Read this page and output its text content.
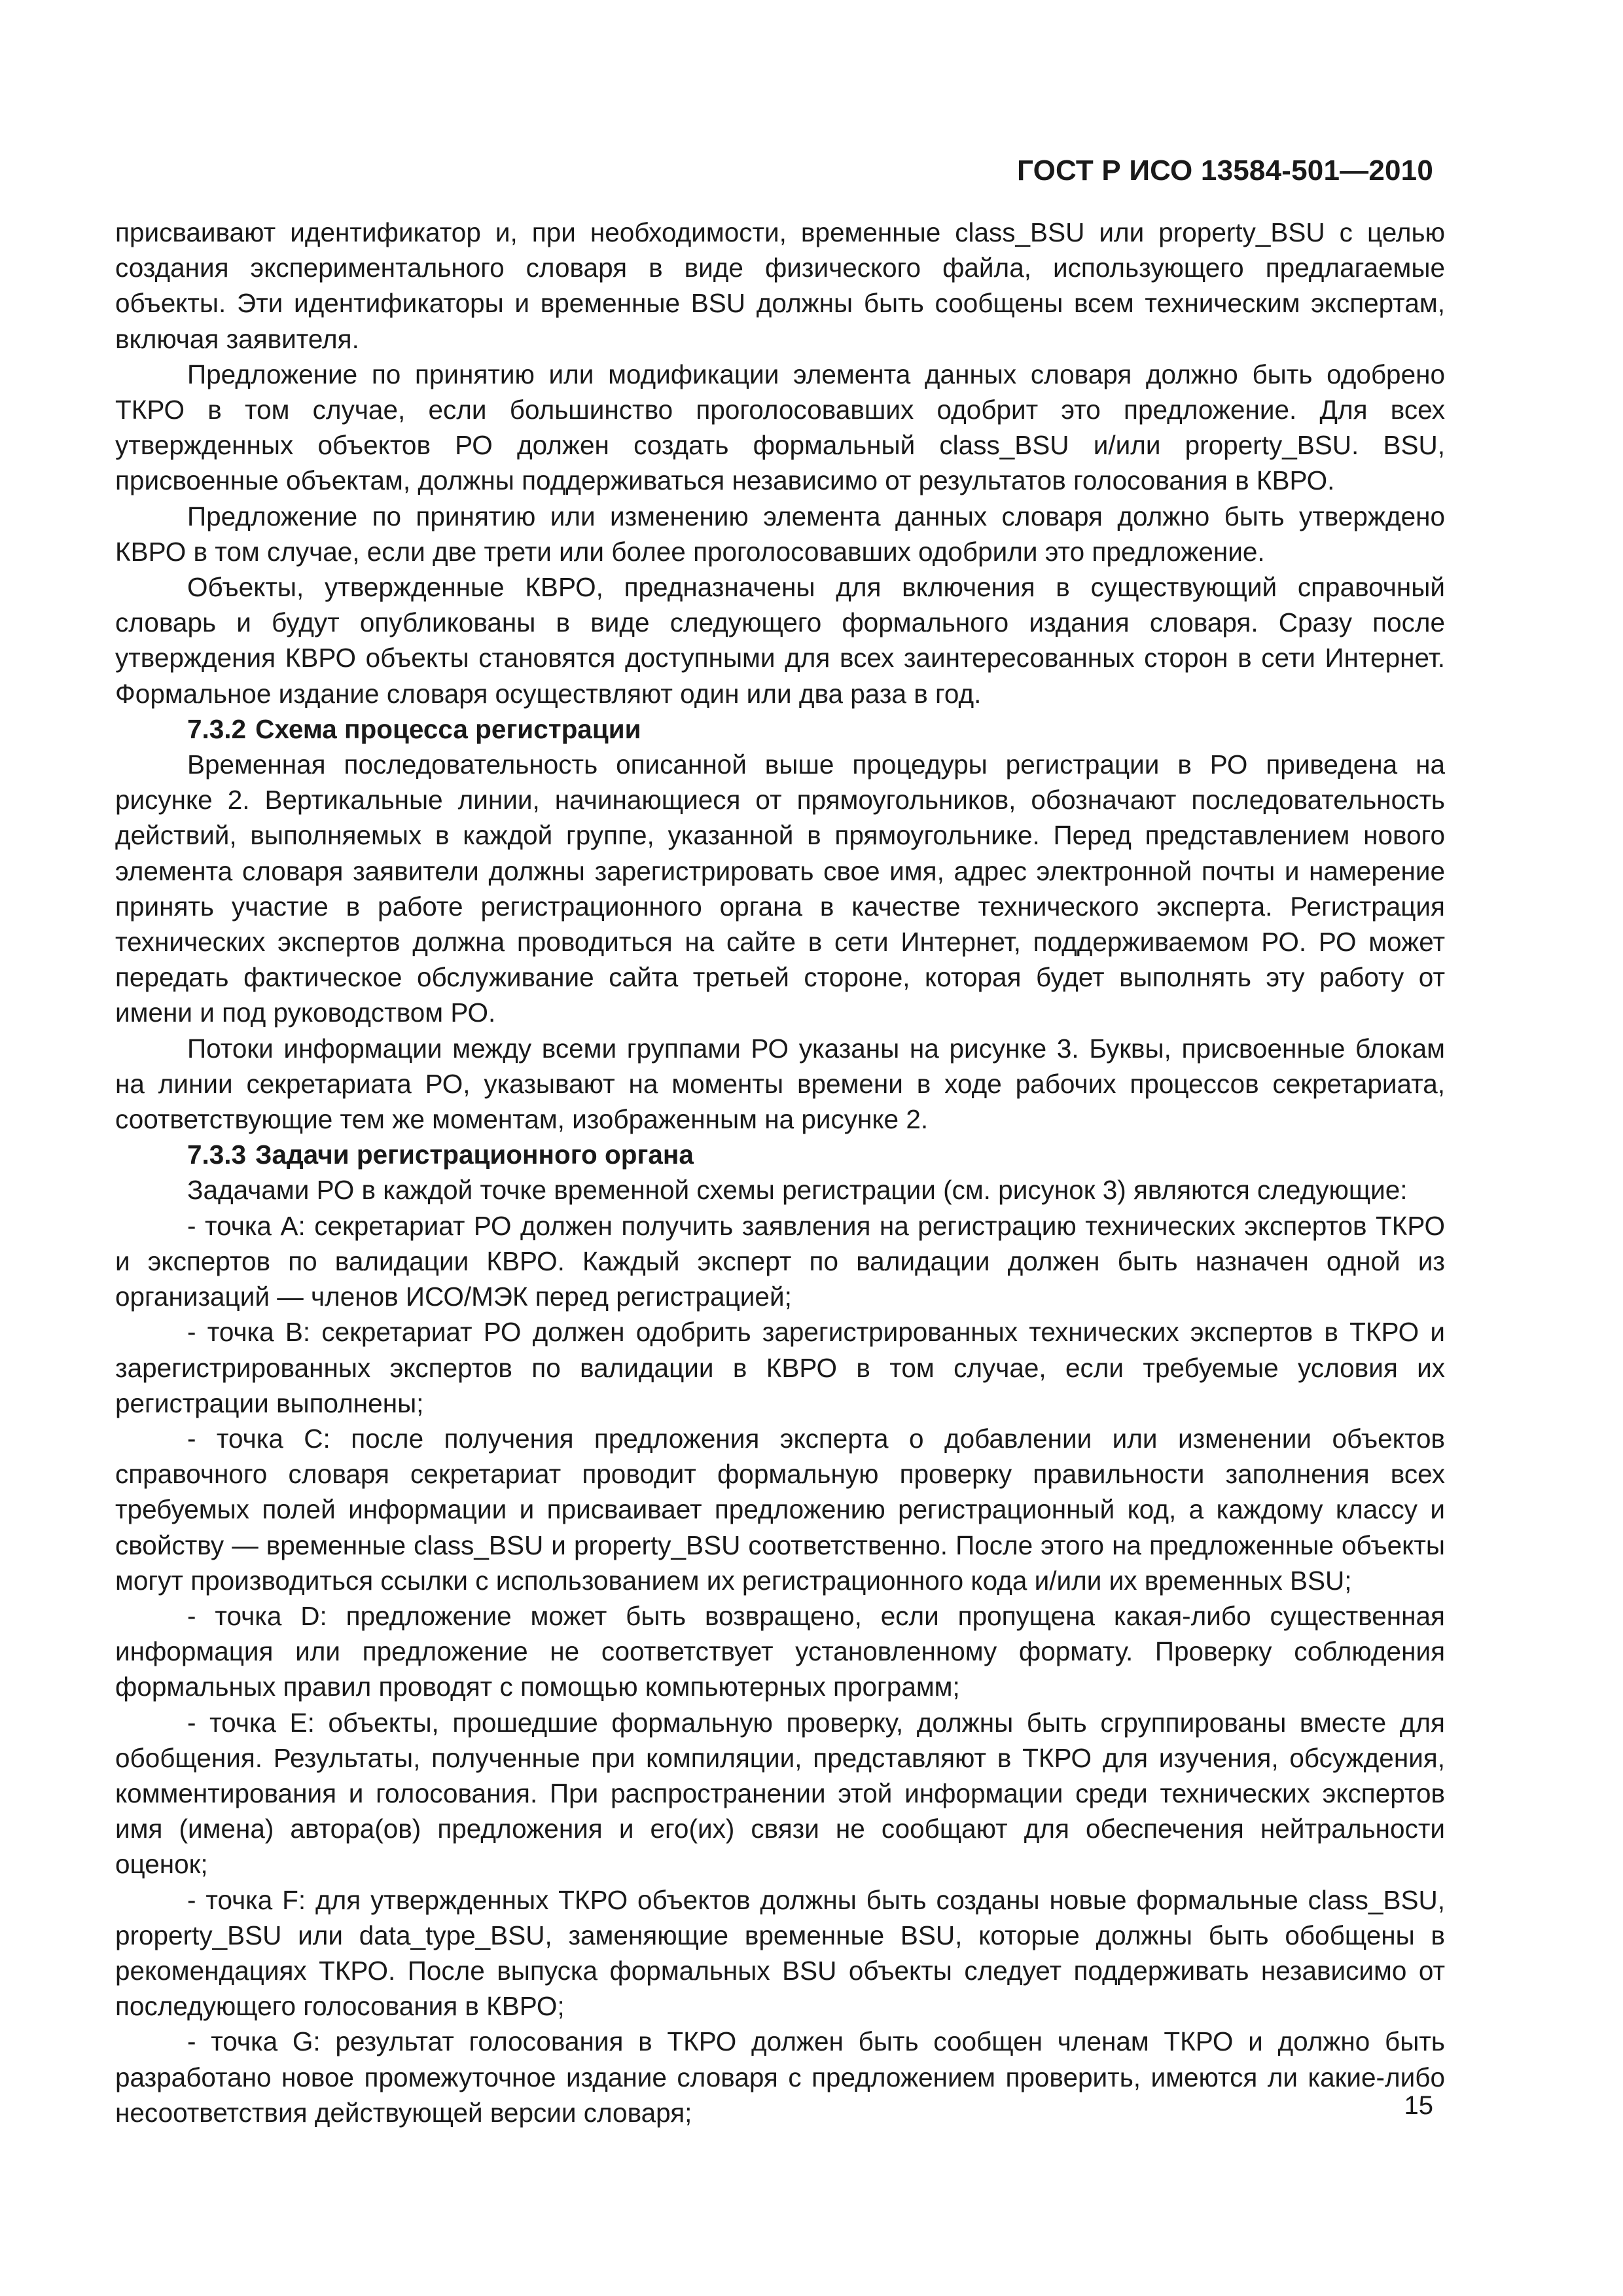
ГОСТ Р ИСО 13584-501—2010

присваивают идентификатор и, при необходимости, временные class_BSU или property_BSU с целью создания экспериментального словаря в виде физического файла, использующего предлагаемые объекты. Эти идентификаторы и временные BSU должны быть сообщены всем техническим экспертам, включая заявителя.

Предложение по принятию или модификации элемента данных словаря должно быть одобрено ТКРО в том случае, если большинство проголосовавших одобрит это предложение. Для всех утвержденных объектов РО должен создать формальный class_BSU и/или property_BSU. BSU, присвоенные объектам, должны поддерживаться независимо от результатов голосования в КВРО.

Предложение по принятию или изменению элемента данных словаря должно быть утверждено КВРО в том случае, если две трети или более проголосовавших одобрили это предложение.

Объекты, утвержденные КВРО, предназначены для включения в существующий справочный словарь и будут опубликованы в виде следующего формального издания словаря. Сразу после утверждения КВРО объекты становятся доступными для всех заинтересованных сторон в сети Интернет. Формальное издание словаря осуществляют один или два раза в год.

7.3.2 Схема процесса регистрации

Временная последовательность описанной выше процедуры регистрации в РО приведена на рисунке 2. Вертикальные линии, начинающиеся от прямоугольников, обозначают последовательность действий, выполняемых в каждой группе, указанной в прямоугольнике. Перед представлением нового элемента словаря заявители должны зарегистрировать свое имя, адрес электронной почты и намерение принять участие в работе регистрационного органа в качестве технического эксперта. Регистрация технических экспертов должна проводиться на сайте в сети Интернет, поддерживаемом РО. РО может передать фактическое обслуживание сайта третьей стороне, которая будет выполнять эту работу от имени и под руководством РО.

Потоки информации между всеми группами РО указаны на рисунке 3. Буквы, присвоенные блокам на линии секретариата РО, указывают на моменты времени в ходе рабочих процессов секретариата, соответствующие тем же моментам, изображенным на рисунке 2.

7.3.3 Задачи регистрационного органа

Задачами РО в каждой точке временной схемы регистрации (см. рисунок 3) являются следующие:

- точка А: секретариат РО должен получить заявления на регистрацию технических экспертов ТКРО и экспертов по валидации КВРО. Каждый эксперт по валидации должен быть назначен одной из организаций — членов ИСО/МЭК перед регистрацией;

- точка В: секретариат РО должен одобрить зарегистрированных технических экспертов в ТКРО и зарегистрированных экспертов по валидации в КВРО в том случае, если требуемые условия их регистрации выполнены;

- точка С: после получения предложения эксперта о добавлении или изменении объектов справочного словаря секретариат проводит формальную проверку правильности заполнения всех требуемых полей информации и присваивает предложению регистрационный код, а каждому классу и свойству — временные class_BSU и property_BSU соответственно. После этого на предложенные объекты могут производиться ссылки с использованием их регистрационного кода и/или их временных BSU;

- точка D: предложение может быть возвращено, если пропущена какая-либо существенная информация или предложение не соответствует установленному формату. Проверку соблюдения формальных правил проводят с помощью компьютерных программ;

- точка Е: объекты, прошедшие формальную проверку, должны быть сгруппированы вместе для обобщения. Результаты, полученные при компиляции, представляют в ТКРО для изучения, обсуждения, комментирования и голосования. При распространении этой информации среди технических экспертов имя (имена) автора(ов) предложения и его(их) связи не сообщают для обеспечения нейтральности оценок;

- точка F: для утвержденных ТКРО объектов должны быть созданы новые формальные class_BSU, property_BSU или data_type_BSU, заменяющие временные BSU, которые должны быть обобщены в рекомендациях ТКРО. После выпуска формальных BSU объекты следует поддерживать независимо от последующего голосования в КВРО;

- точка G: результат голосования в ТКРО должен быть сообщен членам ТКРО и должно быть разработано новое промежуточное издание словаря с предложением проверить, имеются ли какие-либо несоответствия действующей версии словаря;	15
